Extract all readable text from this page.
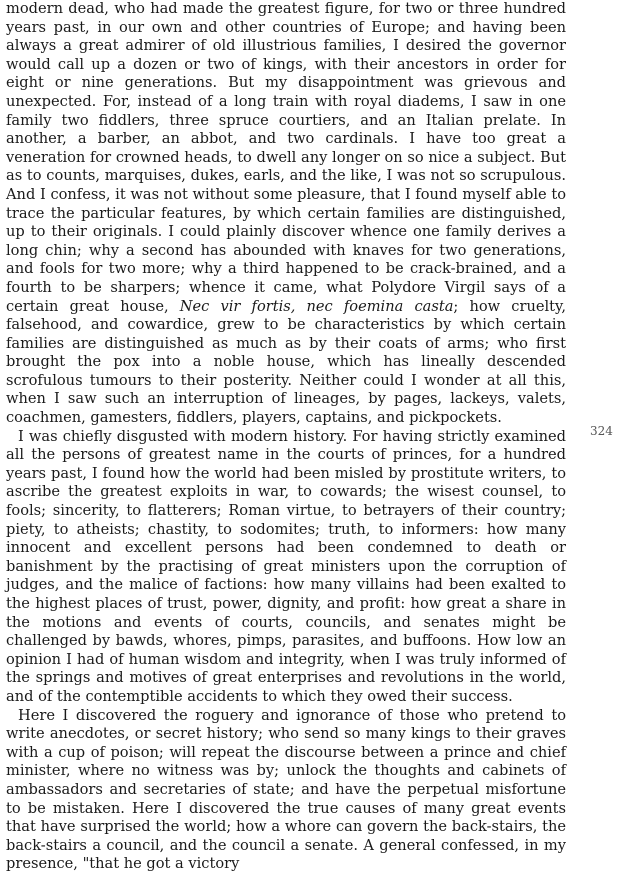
modern dead, who had made the greatest figure, for two or three hundred years past, in our own and other countries of Europe; and having been always a great admirer of old illustrious families, I desired the governor would call up a dozen or two of kings, with their ancestors in order for eight or nine generations. But my disappointment was grievous and unexpected. For, instead of a long train with royal diadems, I saw in one family two fiddlers, three spruce courtiers, and an Italian prelate. In another, a barber, an abbot, and two cardinals. I have too great a veneration for crowned heads, to dwell any longer on so nice a subject. But as to counts, marquises, dukes, earls, and the like, I was not so scrupulous. And I confess, it was not without some pleasure, that I found myself able to trace the particular features, by which certain families are distinguished, up to their originals. I could plainly discover whence one family derives a long chin; why a second has abounded with knaves for two generations, and fools for two more; why a third happened to be crack-brained, and a fourth to be sharpers; whence it came, what Polydore Virgil says of a certain great house, Nec vir fortis, nec foemina casta; how cruelty, falsehood, and cowardice, grew to be characteristics by which certain families are distinguished as much as by their coats of arms; who first brought the pox into a noble house, which has lineally descended scrofulous tumours to their posterity. Neither could I wonder at all this, when I saw such an interruption of lineages, by pages, lackeys, valets, coachmen, gamesters, fiddlers, players, captains, and pickpockets.

I was chiefly disgusted with modern history. For having strictly examined all the persons of greatest name in the courts of princes, for a hundred years past, I found how the world had been misled by prostitute writers, to ascribe the greatest exploits in war, to cowards; the wisest counsel, to fools; sincerity, to flatterers; Roman virtue, to betrayers of their country; piety, to atheists; chastity, to sodomites; truth, to informers: how many innocent and excellent persons had been condemned to death or banishment by the practising of great ministers upon the corruption of judges, and the malice of factions: how many villains had been exalted to the highest places of trust, power, dignity, and profit: how great a share in the motions and events of courts, councils, and senates might be challenged by bawds, whores, pimps, parasites, and buffoons. How low an opinion I had of human wisdom and integrity, when I was truly informed of the springs and motives of great enterprises and revolutions in the world, and of the contemptible accidents to which they owed their success.

Here I discovered the roguery and ignorance of those who pretend to write anecdotes, or secret history; who send so many kings to their graves with a cup of poison; will repeat the discourse between a prince and chief minister, where no witness was by; unlock the thoughts and cabinets of ambassadors and secretaries of state; and have the perpetual misfortune to be mistaken. Here I discovered the true causes of many great events that have surprised the world; how a whore can govern the back-stairs, the back-stairs a council, and the council a senate. A general confessed, in my presence, "that he got a victory

324
